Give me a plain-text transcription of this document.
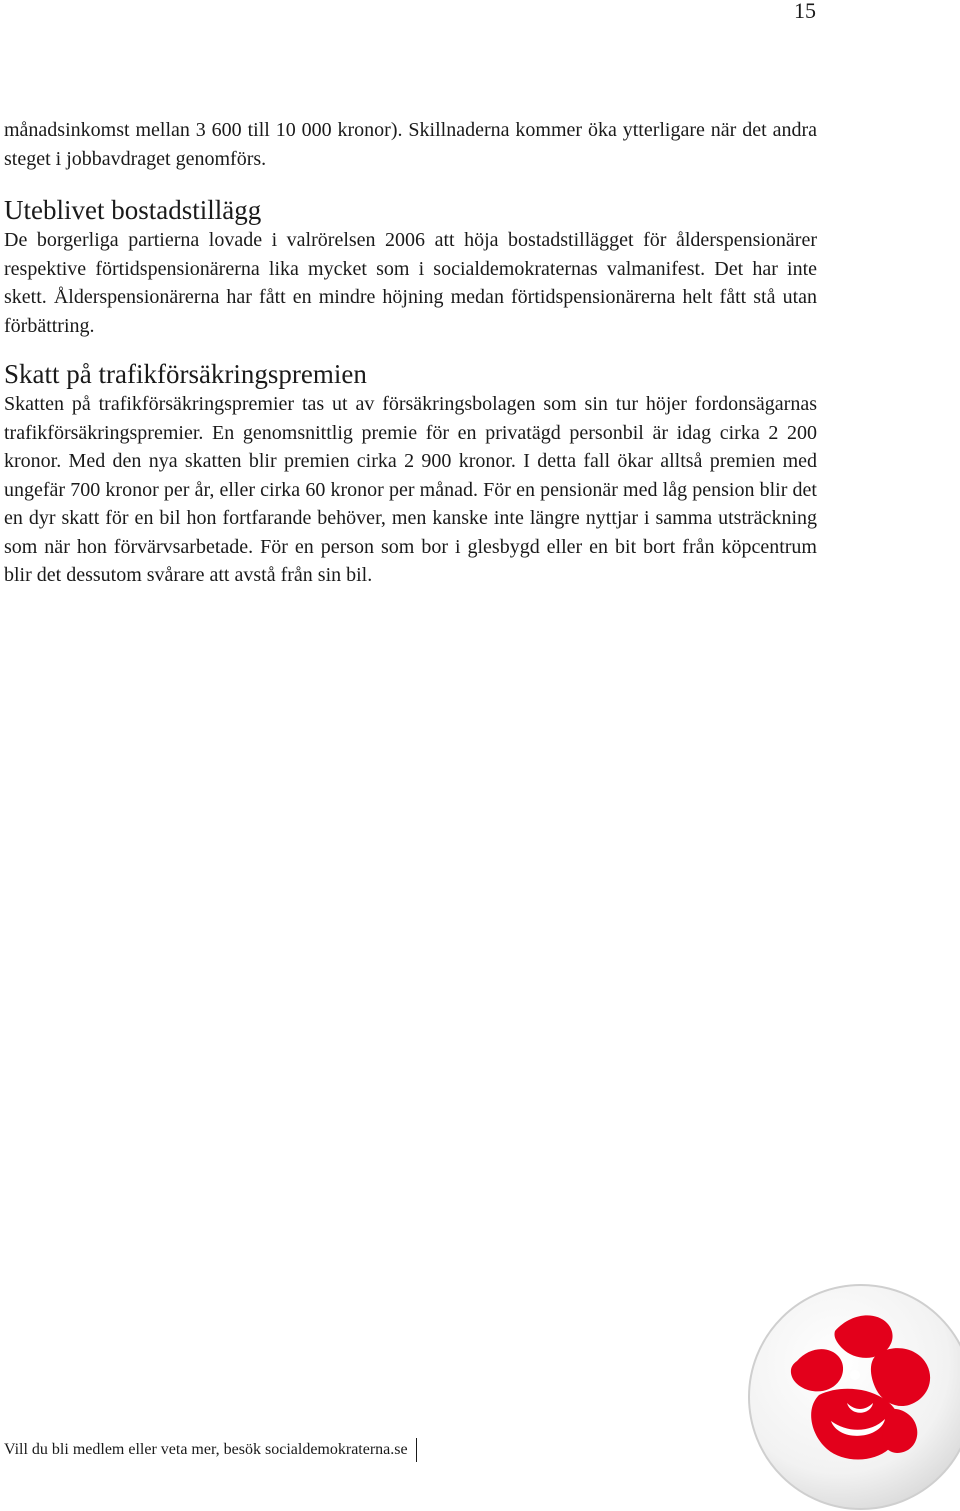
15

månadsinkomst mellan 3 600 till 10 000 kronor). Skillnaderna kommer öka ytterligare när det andra steget i jobbavdraget genomförs.

Uteblivet bostadstillägg

De borgerliga partierna lovade i valrörelsen 2006 att höja bostadstillägget för ålderspensionärer respektive förtidspensionärerna lika mycket som i socialdemokraternas valmanifest. Det har inte skett. Ålderspensionärerna har fått en mindre höjning medan förtidspensionärerna helt fått stå utan förbättring.

Skatt på trafikförsäkringspremien

Skatten på trafikförsäkringspremier tas ut av försäkringsbolagen som sin tur höjer fordonsägarnas trafikförsäkringspremier. En genomsnittlig premie för en privatägd personbil är idag cirka 2 200 kronor. Med den nya skatten blir premien cirka 2 900 kronor. I detta fall ökar alltså premien med ungefär 700 kronor per år, eller cirka 60 kronor per månad. För en pensionär med låg pension blir det en dyr skatt för en bil hon fortfarande behöver, men kanske inte längre nyttjar i samma utsträckning som när hon förvärvsarbetade. För en person som bor i glesbygd eller en bit bort från köpcentrum blir det dessutom svårare att avstå från sin bil.

Vill du bli medlem eller veta mer, besök socialdemokraterna.se
